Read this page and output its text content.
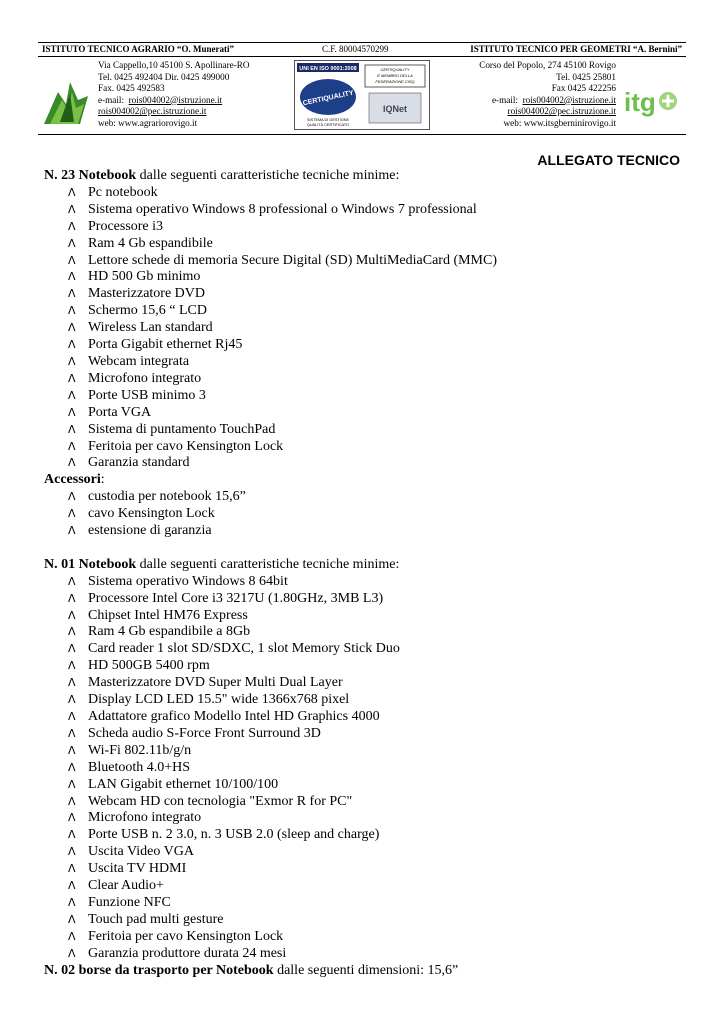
ISTITUTO TECNICO AGRARIO “O. Munerati”	C.F. 80004570299	ISTITUTO TECNICO PER GEOMETRI “A. Bernini”
Via Cappello,10 45100 S. Apollinare-RO
Tel. 0425 492404 Dir. 0425 499000
Fax. 0425 492583
e-mail:  rois004002@istruzione.it
rois004002@pec.istruzione.it
web: www.agrariorovigo.it
UNI EN ISO 9001:2008
CERTIQUALITY
SISTEMA DI GESTIONE
QUALITÀ CERTIFICATO
CERTIQUALITY
È MEMBRO DELLA
FEDERAZIONE CISQ
IQNet
Corso del Popolo, 274 45100 Rovigo
Tel. 0425 25801
Fax 0425 422256
e-mail:  rois004002@istruzione.it
rois004002@pec.istruzione.it
web: www.itsgberninirovigo.it
itg
ALLEGATO TECNICO
N. 23 Notebook dalle seguenti caratteristiche tecniche minime:
ᐱ Pc notebook
ᐱ Sistema operativo Windows 8 professional o Windows 7 professional
ᐱ Processore i3
ᐱ Ram 4 Gb espandibile
ᐱ Lettore schede di memoria Secure Digital (SD) MultiMediaCard (MMC)
ᐱ HD 500 Gb minimo
ᐱ Masterizzatore DVD
ᐱ Schermo 15,6 “ LCD
ᐱ Wireless Lan standard
ᐱ Porta Gigabit ethernet Rj45
ᐱ Webcam integrata
ᐱ Microfono integrato
ᐱ Porte USB minimo 3
ᐱ Porta VGA
ᐱ Sistema di puntamento TouchPad
ᐱ Feritoia per cavo Kensington Lock
ᐱ Garanzia standard
Accessori:
ᐱ custodia per notebook 15,6”
ᐱ cavo Kensington Lock
ᐱ estensione di garanzia
N. 01 Notebook dalle seguenti caratteristiche tecniche minime:
ᐱ Sistema operativo Windows 8 64bit
ᐱ Processore Intel Core i3 3217U (1.80GHz, 3MB L3)
ᐱ Chipset Intel HM76 Express
ᐱ Ram 4 Gb espandibile a 8Gb
ᐱ Card reader 1 slot SD/SDXC, 1 slot Memory Stick Duo
ᐱ HD 500GB 5400 rpm
ᐱ Masterizzatore DVD Super Multi Dual Layer
ᐱ Display LCD LED 15.5" wide 1366x768 pixel
ᐱ Adattatore grafico Modello Intel HD Graphics 4000
ᐱ Scheda audio S-Force Front Surround 3D
ᐱ Wi-Fi 802.11b/g/n
ᐱ Bluetooth 4.0+HS
ᐱ LAN Gigabit ethernet 10/100/100
ᐱ Webcam HD con tecnologia "Exmor R for PC"
ᐱ Microfono integrato
ᐱ Porte USB n. 2 3.0, n. 3 USB 2.0 (sleep and charge)
ᐱ Uscita Video VGA
ᐱ Uscita TV HDMI
ᐱ Clear Audio+
ᐱ Funzione NFC
ᐱ Touch pad multi gesture
ᐱ Feritoia per cavo Kensington Lock
ᐱ Garanzia produttore durata 24 mesi
N. 02 borse da trasporto per Notebook dalle seguenti dimensioni: 15,6”
